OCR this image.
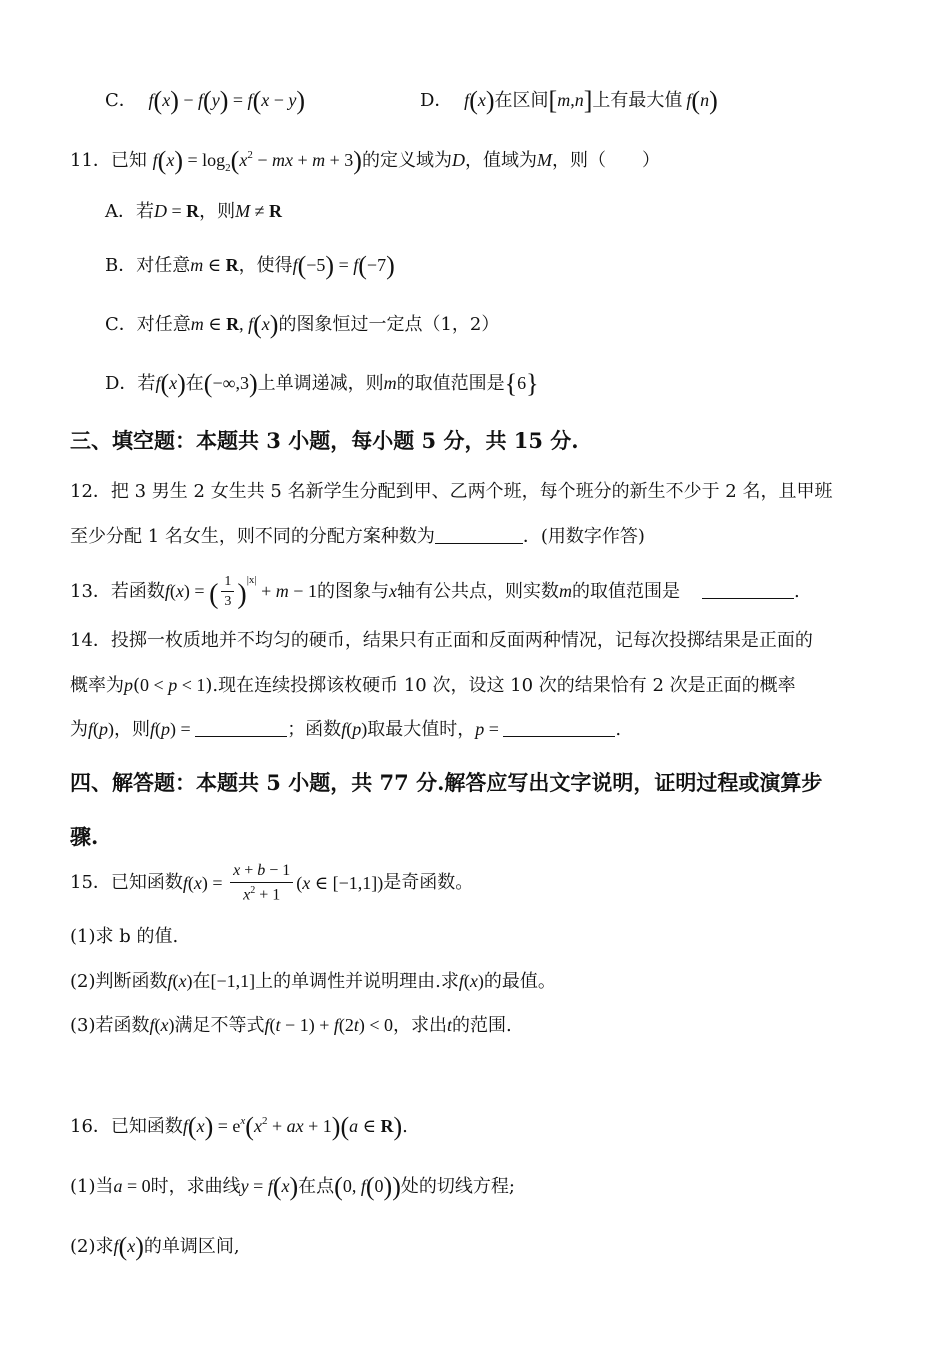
C． f(x) − f(y) = f(x − y)	D． f(x)在区间[m,n]上有最大值 f(n)
11．已知 $f(x) = \log_2(x^2$ − mx + m + 3)的定义域为D，值域为M，则（　　）
A．若D = R，则M ≠ R
B．对任意m ∈ R，使得f(−5) = f(−7)
C．对任意m ∈ R, f(x)的图象恒过一定点（1，2）
D．若f(x)在(−∞,3)上单调递减，则m的取值范围是{6}
三、填空题：本题共 3 小题，每小题 5 分，共 15 分.
12．把 3 男生 2 女生共 5 名新学生分配到甲、乙两个班，每个班分的新生不少于 2 名，且甲班
至少分配 1 名女生，则不同的分配方案种数为	．(用数字作答)
13．若函数f(x) = ( $\frac{1}{3} )^{|x|} + m - 1$的图象与x轴有公共点，则实数m的取值范围是	.
14．投掷一枚质地并不均匀的硬币，结果只有正面和反面两种情况，记每次投掷结果是正面的
概率为p(0 < p < 1).现在连续投掷该枚硬币 10 次，设这 10 次的结果恰有 2 次是正面的概率
为f(p)，则f(p) =	；函数f(p)取最大值时，p =	.
四、解答题：本题共 5 小题，共 77 分.解答应写出文字说明，证明过程或演算步
骤.
15．已知函数$f(x) = \frac{x + b - 1}{x^2 + 1} (x$ ∈ [−1,1])是奇函数。
(1)求 b 的值.
(2)判断函数f(x)在[−1,1]上的单调性并说明理由.求f(x)的最值。
(3)若函数f(x)满足不等式f(t − 1) + f(2t) < 0，求出t的范围.
16．已知函数$f(x) = e^x(x^2$ + ax + 1)(a ∈ R).
(1)当a = 0时，求曲线y = f(x)在点(0, f(0))处的切线方程;
(2)求f(x)的单调区间,
